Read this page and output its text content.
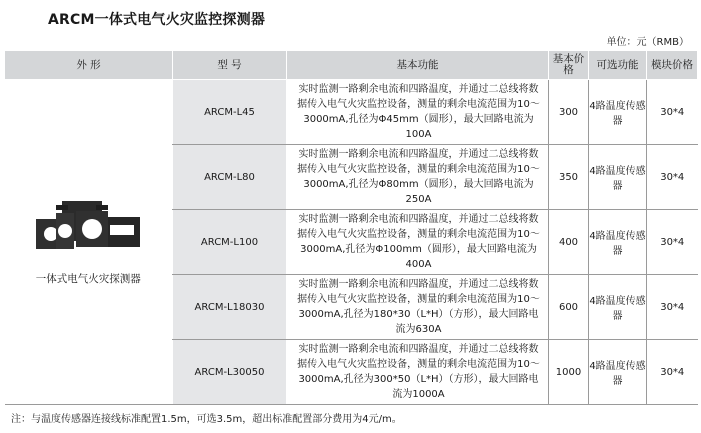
ARCM一体式电气火灾监控探测器
单位：元（RMB）
外 形	型 号	基本功能	基本价格	可选功能	模块价格

一体式电气火灾探测器	ARCM-L45	实时监测一路剩余电流和四路温度，并通过二总线将数据传入电气火灾监控设备，测量的剩余电流范围为10～3000mA,孔径为Φ45mm（圆形），最大回路电流为100A	300	4路温度传感器	30*4
	ARCM-L80	实时监测一路剩余电流和四路温度，并通过二总线将数据传入电气火灾监控设备，测量的剩余电流范围为10～3000mA,孔径为Φ80mm（圆形），最大回路电流为250A	350	4路温度传感器	30*4
	ARCM-L100	实时监测一路剩余电流和四路温度，并通过二总线将数据传入电气火灾监控设备，测量的剩余电流范围为10～3000mA,孔径为Φ100mm（圆形），最大回路电流为400A	400	4路温度传感器	30*4
	ARCM-L18030	实时监测一路剩余电流和四路温度，并通过二总线将数据传入电气火灾监控设备，测量的剩余电流范围为10～3000mA,孔径为180*30（L*H）（方形），最大回路电流为630A	600	4路温度传感器	30*4
	ARCM-L30050	实时监测一路剩余电流和四路温度，并通过二总线将数据传入电气火灾监控设备，测量的剩余电流范围为10～3000mA,孔径为300*50（L*H）（方形），最大回路电流为1000A	1000	4路温度传感器	30*4
注：与温度传感器连接线标准配置1.5m，可选3.5m，超出标准配置部分费用为4元/m。
